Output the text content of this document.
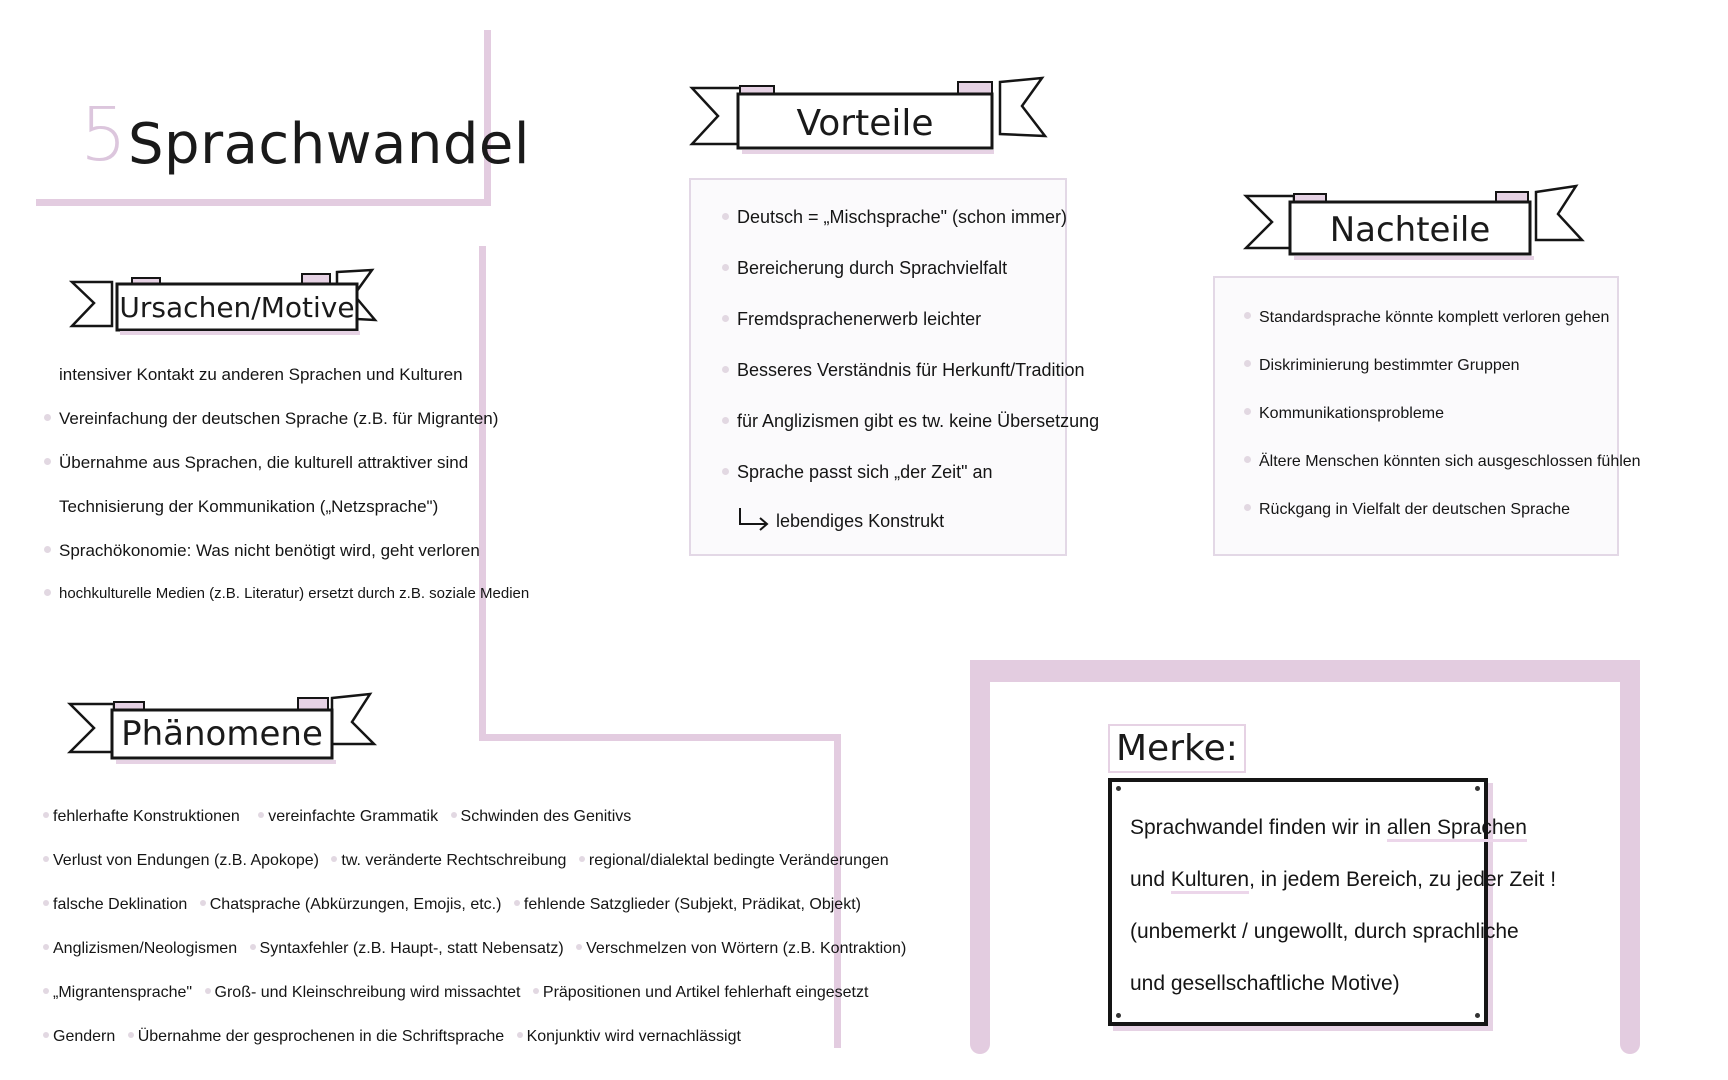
5 Sprachwandel
Ursachen/Motive
intensiver Kontakt zu anderen Sprachen und Kulturen
Vereinfachung der deutschen Sprache (z.B. für Migranten)
Übernahme aus Sprachen, die kulturell attraktiver sind
Technisierung der Kommunikation („Netzsprache")
Sprachökonomie: Was nicht benötigt wird, geht verloren
hochkulturelle Medien (z.B. Literatur) ersetzt durch z.B. soziale Medien
Vorteile
Deutsch = „Mischsprache" (schon immer)
Bereicherung durch Sprachvielfalt
Fremdsprachenerwerb leichter
Besseres Verständnis für Herkunft/Tradition
für Anglizismen gibt es tw. keine Übersetzung
Sprache passt sich „der Zeit" an
lebendiges Konstrukt
Nachteile
Standardsprache könnte komplett verloren gehen
Diskriminierung bestimmter Gruppen
Kommunikationsprobleme
Ältere Menschen könnten sich ausgeschlossen fühlen
Rückgang in Vielfalt der deutschen Sprache
Phänomene
fehlerhafte Konstruktionen vereinfachte Grammatik Schwinden des Genitivs
Verlust von Endungen (z.B. Apokope) tw. veränderte Rechtschreibung regional/dialektal bedingte Veränderungen
falsche Deklination Chatsprache (Abkürzungen, Emojis, etc.) fehlende Satzglieder (Subjekt, Prädikat, Objekt)
Anglizismen/Neologismen Syntaxfehler (z.B. Haupt-, statt Nebensatz) Verschmelzen von Wörtern (z.B. Kontraktion)
„Migrantensprache" Groß- und Kleinschreibung wird missachtet Präpositionen und Artikel fehlerhaft eingesetzt
Gendern Übernahme der gesprochenen in die Schriftsprache Konjunktiv wird vernachlässigt
Merke:
Sprachwandel finden wir in allen Sprachen
und Kulturen, in jedem Bereich, zu jeder Zeit !
(unbemerkt / ungewollt, durch sprachliche
und gesellschaftliche Motive)
